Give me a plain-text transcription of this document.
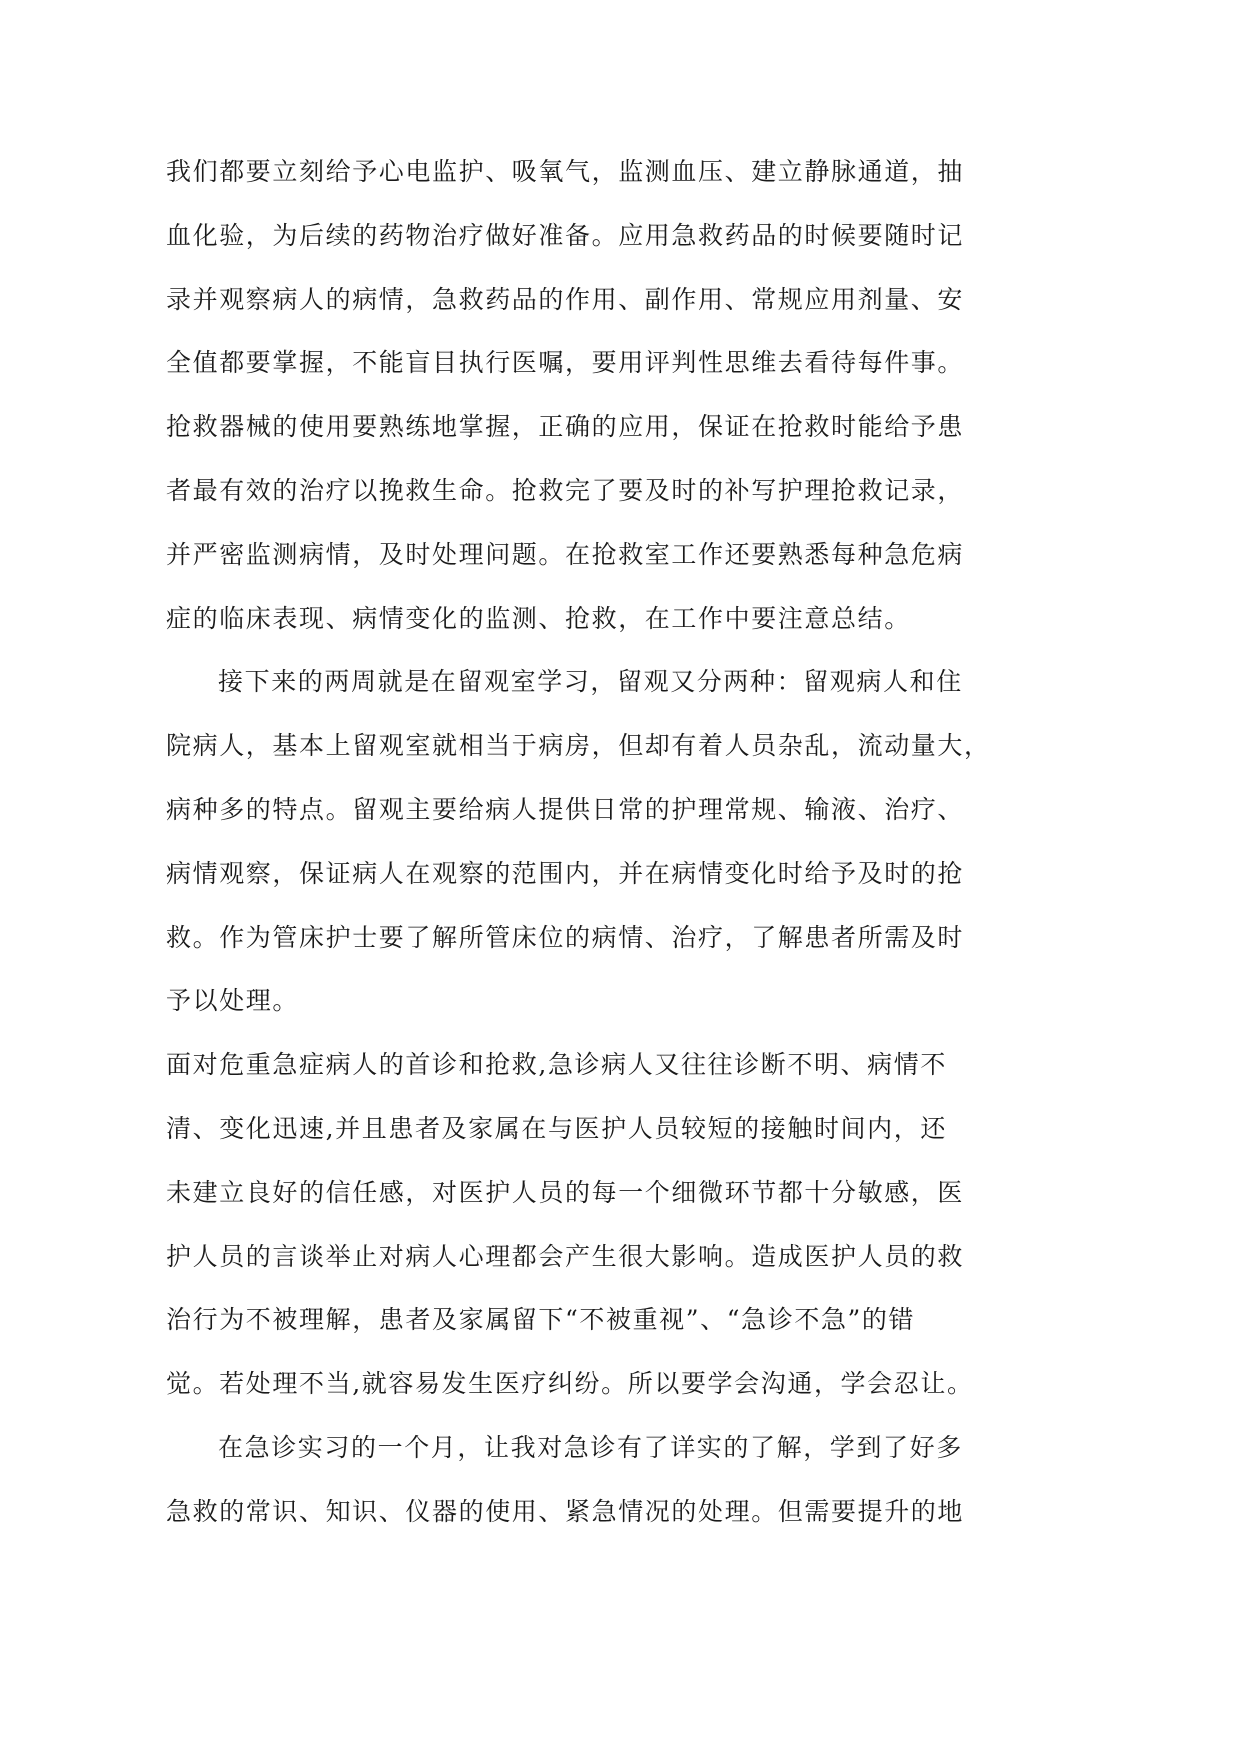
我们都要立刻给予心电监护、吸氧气，监测血压、建立静脉通道，抽
血化验，为后续的药物治疗做好准备。应用急救药品的时候要随时记
录并观察病人的病情，急救药品的作用、副作用、常规应用剂量、安
全值都要掌握，不能盲目执行医嘱，要用评判性思维去看待每件事。
抢救器械的使用要熟练地掌握，正确的应用，保证在抢救时能给予患
者最有效的治疗以挽救生命。抢救完了要及时的补写护理抢救记录，
并严密监测病情，及时处理问题。在抢救室工作还要熟悉每种急危病
症的临床表现、病情变化的监测、抢救，在工作中要注意总结。
接下来的两周就是在留观室学习，留观又分两种：留观病人和住
院病人，基本上留观室就相当于病房，但却有着人员杂乱，流动量大，
病种多的特点。留观主要给病人提供日常的护理常规、输液、治疗、
病情观察，保证病人在观察的范围内，并在病情变化时给予及时的抢
救。作为管床护士要了解所管床位的病情、治疗，了解患者所需及时
予以处理。
面对危重急症病人的首诊和抢救,急诊病人又往往诊断不明、病情不
清、变化迅速,并且患者及家属在与医护人员较短的接触时间内，还
未建立良好的信任感，对医护人员的每一个细微环节都十分敏感，医
护人员的言谈举止对病人心理都会产生很大影响。造成医护人员的救
治行为不被理解，患者及家属留下“不被重视”、“急诊不急”的错
觉。若处理不当,就容易发生医疗纠纷。所以要学会沟通，学会忍让。
在急诊实习的一个月，让我对急诊有了详实的了解，学到了好多
急救的常识、知识、仪器的使用、紧急情况的处理。但需要提升的地
